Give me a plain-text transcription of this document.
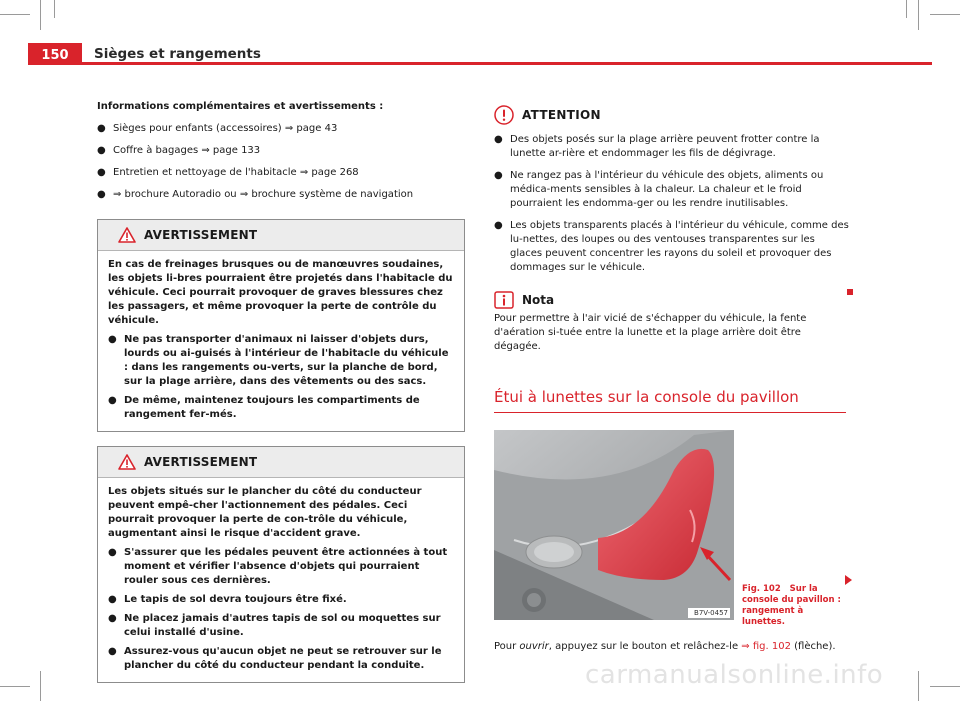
150	Sièges et rangements

Informations complémentaires et avertissements :

● Sièges pour enfants (accessoires) ⇒ page 43
● Coffre à bagages ⇒ page 133
● Entretien et nettoyage de l'habitacle ⇒ page 268
● ⇒ brochure Autoradio ou ⇒ brochure système de navigation
AVERTISSEMENT

En cas de freinages brusques ou de manœuvres soudaines, les objets li-bres pourraient être projetés dans l'habitacle du véhicule. Ceci pourrait provoquer de graves blessures chez les passagers, et même provoquer la perte de contrôle du véhicule.

● Ne pas transporter d'animaux ni laisser d'objets durs, lourds ou ai-guisés à l'intérieur de l'habitacle du véhicule : dans les rangements ou-verts, sur la planche de bord, sur la plage arrière, dans des vêtements ou des sacs.
● De même, maintenez toujours les compartiments de rangement fer-més.
AVERTISSEMENT

Les objets situés sur le plancher du côté du conducteur peuvent empê-cher l'actionnement des pédales. Ceci pourrait provoquer la perte de con-trôle du véhicule, augmentant ainsi le risque d'accident grave.

● S'assurer que les pédales peuvent être actionnées à tout moment et vérifier l'absence d'objets qui pourraient rouler sous ces dernières.
● Le tapis de sol devra toujours être fixé.
● Ne placez jamais d'autres tapis de sol ou moquettes sur celui installé d'usine.
● Assurez-vous qu'aucun objet ne peut se retrouver sur le plancher du côté du conducteur pendant la conduite.
ATTENTION
● Des objets posés sur la plage arrière peuvent frotter contre la lunette ar-rière et endommager les fils de dégivrage.
● Ne rangez pas à l'intérieur du véhicule des objets, aliments ou médica-ments sensibles à la chaleur. La chaleur et le froid pourraient les endomma-ger ou les rendre inutilisables.
● Les objets transparents placés à l'intérieur du véhicule, comme des lu-nettes, des loupes ou des ventouses transparentes sur les glaces peuvent concentrer les rayons du soleil et provoquer des dommages sur le véhicule.
Nota

Pour permettre à l'air vicié de s'échapper du véhicule, la fente d'aération si-tuée entre la lunette et la plage arrière doit être dégagée.

Étui à lunettes sur la console du pavillon
B7V-0457
Fig. 102 Sur la console du pavillon : rangement à lunettes.

Pour ouvrir, appuyez sur le bouton et relâchez-le ⇒ fig. 102 (flèche).

carmanualsonline.info
